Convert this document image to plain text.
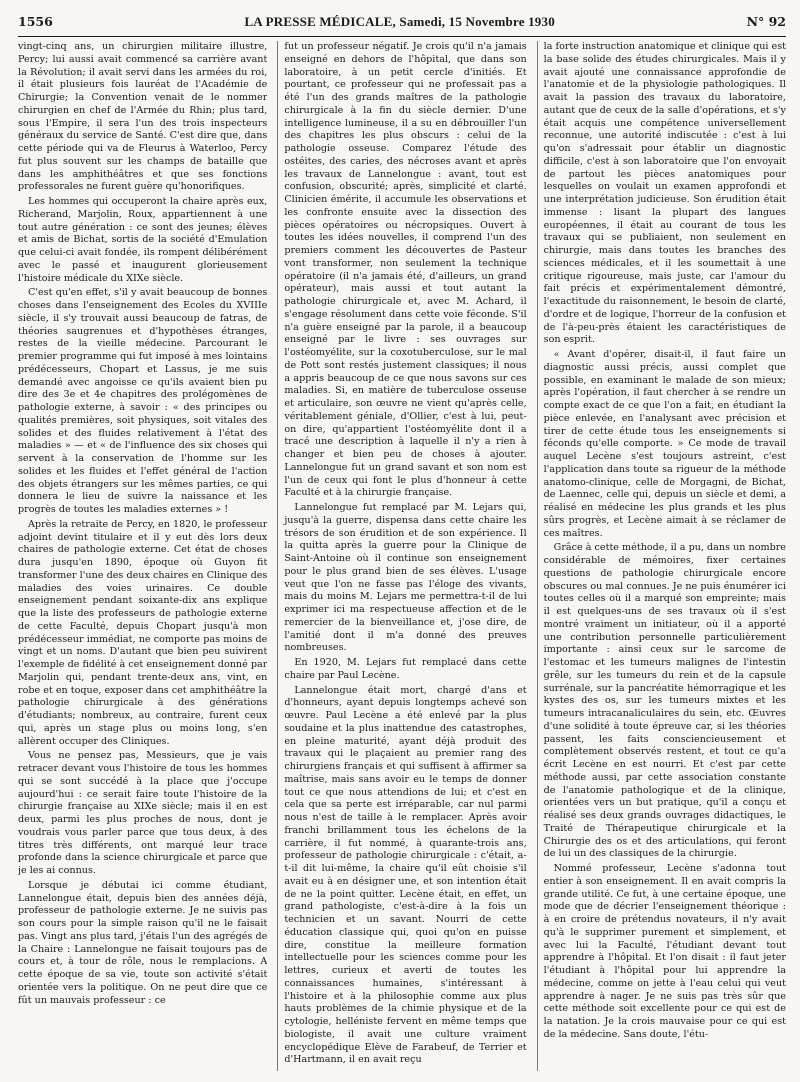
1556	LA PRESSE MÉDICALE, Samedi, 15 Novembre 1930	N° 92

vingt-cinq ans, un chirurgien militaire illustre, Percy; lui aussi avait commencé sa carrière avant la Révolution; il avait servi dans les armées du roi, il était plusieurs fois lauréat de l'Académie de Chirurgie; la Convention venait de le nommer chirurgien en chef de l'Armée du Rhin; plus tard, sous l'Empire, il sera l'un des trois inspecteurs généraux du service de Santé. C'est dire que, dans cette période qui va de Fleurus à Waterloo, Percy fut plus souvent sur les champs de bataille que dans les amphithéâtres et que ses fonctions professorales ne furent guère qu'honorifiques.

Les hommes qui occuperont la chaire après eux, Richerand, Marjolin, Roux, appartiennent à une tout autre génération : ce sont des jeunes; élèves et amis de Bichat, sortis de la société d'Emulation que celui-ci avait fondée, ils rompent délibérément avec le passé et inaugurent glorieusement l'histoire médicale du XIXe siècle.

C'est qu'en effet, s'il y avait beaucoup de bonnes choses dans l'enseignement des Ecoles du XVIIIe siècle, il s'y trouvait aussi beaucoup de fatras, de théories saugrenues et d'hypothèses étranges, restes de la vieille médecine. Parcourant le premier programme qui fut imposé à mes lointains prédécesseurs, Chopart et Lassus, je me suis demandé avec angoisse ce qu'ils avaient bien pu dire des 3e et 4e chapitres des prolégomènes de pathologie externe, à savoir : « des principes ou qualités premières, soit physiques, soit vitales des solides et des fluides relativement à l'état des maladies » — et « de l'influence des six choses qui servent à la conservation de l'homme sur les solides et les fluides et l'effet général de l'action des objets étrangers sur les mêmes parties, ce qui donnera le lieu de suivre la naissance et les progrès de toutes les maladies externes » !

Après la retraite de Percy, en 1820, le professeur adjoint devint titulaire et il y eut dès lors deux chaires de pathologie externe. Cet état de choses dura jusqu'en 1890, époque où Guyon fit transformer l'une des deux chaires en Clinique des maladies des voies urinaires. Ce double enseignement pendant soixante-dix ans explique que la liste des professeurs de pathologie externe de cette Faculté, depuis Chopart jusqu'à mon prédécesseur immédiat, ne comporte pas moins de vingt et un noms. D'autant que bien peu suivirent l'exemple de fidélité à cet enseignement donné par Marjolin qui, pendant trente-deux ans, vint, en robe et en toque, exposer dans cet amphithéâtre la pathologie chirurgicale à des générations d'étudiants; nombreux, au contraire, furent ceux qui, après un stage plus ou moins long, s'en allèrent occuper des Cliniques.

Vous ne pensez pas, Messieurs, que je vais retracer devant vous l'histoire de tous les hommes qui se sont succédé à la place que j'occupe aujourd'hui : ce serait faire toute l'histoire de la chirurgie française au XIXe siècle; mais il en est deux, parmi les plus proches de nous, dont je voudrais vous parler parce que tous deux, à des titres très différents, ont marqué leur trace profonde dans la science chirurgicale et parce que je les ai connus.

Lorsque je débutai ici comme étudiant, Lannelongue était, depuis bien des années déjà, professeur de pathologie externe. Je ne suivis pas son cours pour la simple raison qu'il ne le faisait pas. Vingt ans plus tard, j'étais l'un des agrégés de la Chaire : Lannelongue ne faisait toujours pas de cours et, à tour de rôle, nous le remplacions. A cette époque de sa vie, toute son activité s'était orientée vers la politique. On ne peut dire que ce fût un mauvais professeur : ce

fut un professeur négatif. Je crois qu'il n'a jamais enseigné en dehors de l'hôpital, que dans son laboratoire, à un petit cercle d'initiés. Et pourtant, ce professeur qui ne professait pas a été l'un des grands maîtres de la pathologie chirurgicale à la fin du siècle dernier. D'une intelligence lumineuse, il a su en débrouiller l'un des chapitres les plus obscurs : celui de la pathologie osseuse. Comparez l'étude des ostéites, des caries, des nécroses avant et après les travaux de Lannelongue : avant, tout est confusion, obscurité; après, simplicité et clarté. Clinicien émérite, il accumule les observations et les confronte ensuite avec la dissection des pièces opératoires ou nécropsiques. Ouvert à toutes les idées nouvelles, il comprend l'un des premiers comment les découvertes de Pasteur vont transformer, non seulement la technique opératoire (il n'a jamais été, d'ailleurs, un grand opérateur), mais aussi et tout autant la pathologie chirurgicale et, avec M. Achard, il s'engage résolument dans cette voie féconde. S'il n'a guère enseigné par la parole, il a beaucoup enseigné par le livre : ses ouvrages sur l'ostéomyélite, sur la coxotuberculose, sur le mal de Pott sont restés justement classiques; il nous a appris beaucoup de ce que nous savons sur ces maladies. Si, en matière de tuberculose osseuse et articulaire, son œuvre ne vient qu'après celle, véritablement géniale, d'Ollier, c'est à lui, peut-on dire, qu'appartient l'ostéomyélite dont il a tracé une description à laquelle il n'y a rien à changer et bien peu de choses à ajouter. Lannelongue fut un grand savant et son nom est l'un de ceux qui font le plus d'honneur à cette Faculté et à la chirurgie française.

Lannelongue fut remplacé par M. Lejars qui, jusqu'à la guerre, dispensa dans cette chaire les trésors de son érudition et de son expérience. Il la quitta après la guerre pour la Clinique de Saint-Antoine où il continue son enseignement pour le plus grand bien de ses élèves. L'usage veut que l'on ne fasse pas l'éloge des vivants, mais du moins M. Lejars me permettra-t-il de lui exprimer ici ma respectueuse affection et de le remercier de la bienveillance et, j'ose dire, de l'amitié dont il m'a donné des preuves nombreuses.

En 1920, M. Lejars fut remplacé dans cette chaire par Paul Lecène.

Lannelongue était mort, chargé d'ans et d'honneurs, ayant depuis longtemps achevé son œuvre. Paul Lecène a été enlevé par la plus soudaine et la plus inattendue des catastrophes, en pleine maturité, ayant déjà produit des travaux qui le plaçaient au premier rang des chirurgiens français et qui suffisent à affirmer sa maîtrise, mais sans avoir eu le temps de donner tout ce que nous attendions de lui; et c'est en cela que sa perte est irréparable, car nul parmi nous n'est de taille à le remplacer. Après avoir franchi brillamment tous les échelons de la carrière, il fut nommé, à quarante-trois ans, professeur de pathologie chirurgicale : c'était, a-t-il dit lui-même, la chaire qu'il eût choisie s'il avait eu à en désigner une, et son intention était de ne la point quitter. Lecène était, en effet, un grand pathologiste, c'est-à-dire à la fois un technicien et un savant. Nourri de cette éducation classique qui, quoi qu'on en puisse dire, constitue la meilleure formation intellectuelle pour les sciences comme pour les lettres, curieux et averti de toutes les connaissances humaines, s'intéressant à l'histoire et à la philosophie comme aux plus hauts problèmes de la chimie physique et de la cytologie, helléniste fervent en même temps que biologiste, il avait une culture vraiment encyclopédique Elève de Farabeuf, de Terrier et d'Hartmann, il en avait reçu

la forte instruction anatomique et clinique qui est la base solide des études chirurgicales. Mais il y avait ajouté une connaissance approfondie de l'anatomie et de la physiologie pathologiques. Il avait la passion des travaux du laboratoire, autant que de ceux de la salle d'opérations, et s'y était acquis une compétence universellement reconnue, une autorité indiscutée : c'est à lui qu'on s'adressait pour établir un diagnostic difficile, c'est à son laboratoire que l'on envoyait de partout les pièces anatomiques pour lesquelles on voulait un examen approfondi et une interprétation judicieuse. Son érudition était immense : lisant la plupart des langues européennes, il était au courant de tous les travaux qui se publiaient, non seulement en chirurgie, mais dans toutes les branches des sciences médicales, et il les soumettait à une critique rigoureuse, mais juste, car l'amour du fait précis et expérimentalement démontré, l'exactitude du raisonnement, le besoin de clarté, d'ordre et de logique, l'horreur de la confusion et de l'à-peu-près étaient les caractéristiques de son esprit.

« Avant d'opérer, disait-il, il faut faire un diagnostic aussi précis, aussi complet que possible, en examinant le malade de son mieux; après l'opération, il faut chercher à se rendre un compte exact de ce que l'on a fait, en étudiant la pièce enlevée, en l'analysant avec précision et tirer de cette étude tous les enseignements si féconds qu'elle comporte. » Ce mode de travail auquel Lecène s'est toujours astreint, c'est l'application dans toute sa rigueur de la méthode anatomo-clinique, celle de Morgagni, de Bichat, de Laennec, celle qui, depuis un siècle et demi, a réalisé en médecine les plus grands et les plus sûrs progrès, et Lecène aimait à se réclamer de ces maîtres.

Grâce à cette méthode, il a pu, dans un nombre considérable de mémoires, fixer certaines questions de pathologie chirurgicale encore obscures ou mal connues. Je ne puis énumérer ici toutes celles où il a marqué son empreinte; mais il est quelques-uns de ses travaux où il s'est montré vraiment un initiateur, où il a apporté une contribution personnelle particulièrement importante : ainsi ceux sur le sarcome de l'estomac et les tumeurs malignes de l'intestin grêle, sur les tumeurs du rein et de la capsule surrénale, sur la pancréatite hémorragique et les kystes des os, sur les tumeurs mixtes et les tumeurs intracanaliculaires du sein, etc. Œuvres d'une solidité à toute épreuve car, si les théories passent, les faits consciencieusement et complètement observés restent, et tout ce qu'a écrit Lecène en est nourri. Et c'est par cette méthode aussi, par cette association constante de l'anatomie pathologique et de la clinique, orientées vers un but pratique, qu'il a conçu et réalisé ses deux grands ouvrages didactiques, le Traité de Thérapeutique chirurgicale et la Chirurgie des os et des articulations, qui feront de lui un des classiques de la chirurgie.

Nommé professeur, Lecène s'adonna tout entier à son enseignement. Il en avait compris la grande utilité. Ce fut, à une certaine époque, une mode que de décrier l'enseignement théorique : à en croire de prétendus novateurs, il n'y avait qu'à le supprimer purement et simplement, et avec lui la Faculté, l'étudiant devant tout apprendre à l'hôpital. Et l'on disait : il faut jeter l'étudiant à l'hôpital pour lui apprendre la médecine, comme on jette à l'eau celui qui veut apprendre à nager. Je ne suis pas très sûr que cette méthode soit excellente pour ce qui est de la natation. Je la crois mauvaise pour ce qui est de la médecine. Sans doute, l'étu-
